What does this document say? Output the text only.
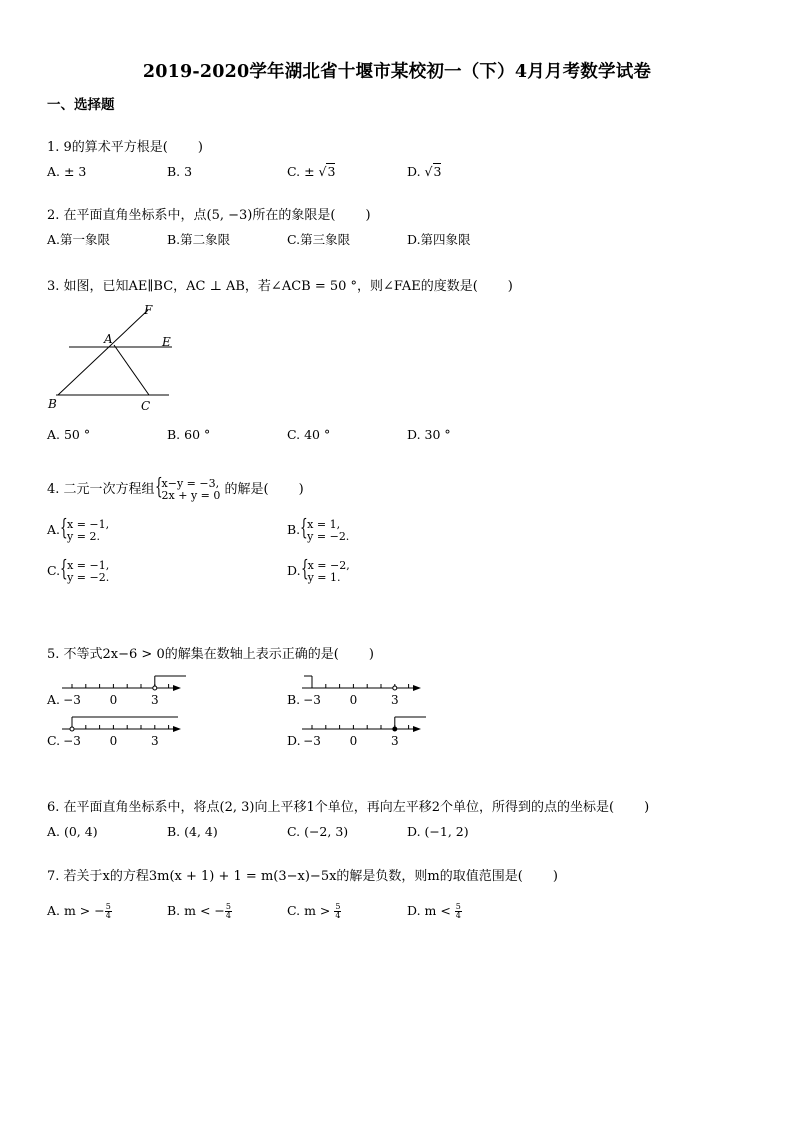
2019-2020学年湖北省十堰市某校初一（下）4月月考数学试卷
一、选择题
1. 9的算术平方根是( )
A. ± 3	B. 3	C. ± √3	D. √3
2. 在平面直角坐标系中，点(5, −3)所在的象限是( )
A.第一象限	B.第二象限	C.第三象限	D.第四象限
3. 如图，已知AE∥BC，AC ⊥ AB，若∠ACB = 50 °，则∠FAE的度数是( )
F
A	E
B	C
A. 50 °	B. 60 °	C. 40 °	D. 30 °
4. 二元一次方程组 { x−y = −3,
2x + y = 0 的解是( )
A. { x = −1,
y = 2.	B. { x = 1,
y = −2.
C. { x = −1,
y = −2.	D. { x = −2,
y = 1.
5. 不等式2x−6 > 0的解集在数轴上表示正确的是( )
A. −3 0	3	B. −3 0	3
C. −3 0	3	D. −3 0	3
6. 在平面直角坐标系中，将点(2, 3)向上平移1个单位，再向左平移2个单位，所得到的点的坐标是( )
A. (0, 4)	B. (4, 4)	C. (−2, 3)	D. (−1, 2)
7. 若关于x的方程3m(x + 1) + 1 = m(3−x)−5x的解是负数，则m的取值范围是( )
A. m > − $\frac{5}{4}$	B. m < − $\frac{5}{4}$	C. $m > \frac{5}{4}$	D. $m < \frac{5}{4}$
